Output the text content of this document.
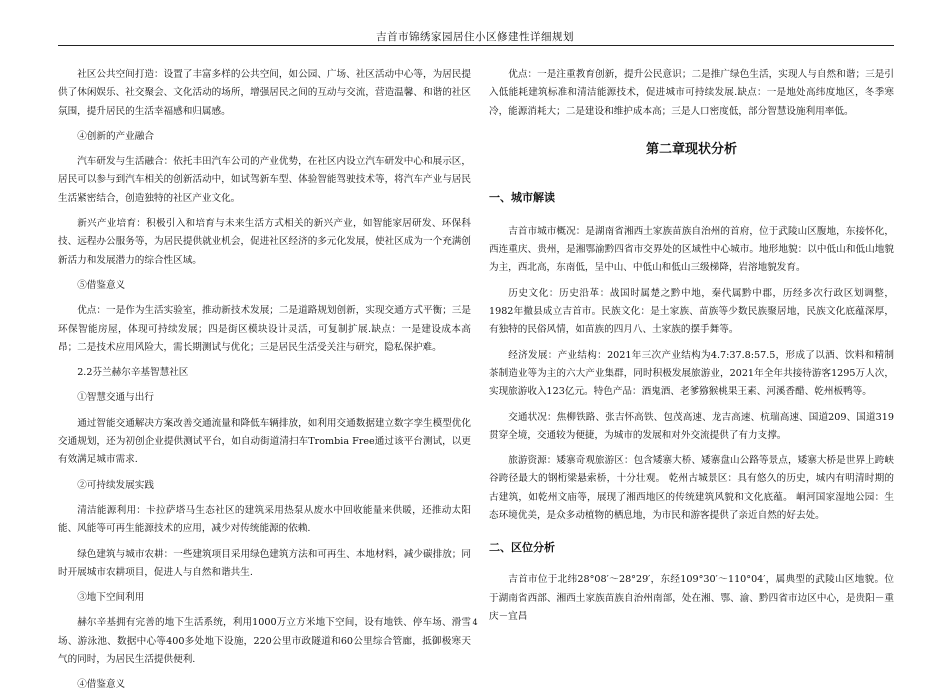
吉首市锦绣家园居住小区修建性详细规划

社区公共空间打造：设置了丰富多样的公共空间，如公园、广场、社区活动中心等，为居民提供了休闲娱乐、社交聚会、文化活动的场所，增强居民之间的互动与交流，营造温馨、和谐的社区氛围，提升居民的生活幸福感和归属感。

④创新的产业融合

汽车研发与生活融合：依托丰田汽车公司的产业优势，在社区内设立汽车研发中心和展示区，居民可以参与到汽车相关的创新活动中，如试驾新车型、体验智能驾驶技术等，将汽车产业与居民生活紧密结合，创造独特的社区产业文化。

新兴产业培育：积极引入和培育与未来生活方式相关的新兴产业，如智能家居研发、环保科技、远程办公服务等，为居民提供就业机会，促进社区经济的多元化发展，使社区成为一个充满创新活力和发展潜力的综合性区域。

⑤借鉴意义

优点：一是作为生活实验室，推动新技术发展；二是道路规划创新，实现交通方式平衡；三是环保智能房屋，体现可持续发展；四是街区模块设计灵活，可复制扩展.缺点：一是建设成本高昂；二是技术应用风险大，需长期测试与优化；三是居民生活受关注与研究，隐私保护难。

2.2芬兰赫尔辛基智慧社区

①智慧交通与出行

通过智能交通解决方案改善交通流量和降低车辆排放，如利用交通数据建立数字孪生模型优化交通规划，还为初创企业提供测试平台，如自动街道清扫车Trombia Free通过该平台测试，以更有效满足城市需求.

②可持续发展实践

清洁能源利用：卡拉萨塔马生态社区的建筑采用热泵从废水中回收能量来供暖，还推动太阳能、风能等可再生能源技术的应用，减少对传统能源的依赖.

绿色建筑与城市农耕：一些建筑项目采用绿色建筑方法和可再生、本地材料，减少碳排放；同时开展城市农耕项目，促进人与自然和谐共生.

③地下空间利用

赫尔辛基拥有完善的地下生活系统，利用1000万立方米地下空间，设有地铁、停车场、滑雪场、游泳池、数据中心等400多处地下设施，220公里市政隧道和60公里综合管廊，抵御极寒天气的同时，为居民生活提供便利.

④借鉴意义

优点：一是注重教育创新，提升公民意识；二是推广绿色生活，实现人与自然和谐；三是引入低能耗建筑标准和清洁能源技术，促进城市可持续发展.缺点：一是地处高纬度地区，冬季寒冷，能源消耗大；二是建设和维护成本高；三是人口密度低，部分智慧设施利用率低。

第二章现状分析

一、城市解读

吉首市城市概况：是湖南省湘西土家族苗族自治州的首府，位于武陵山区腹地，东接怀化，西连重庆、贵州，是湘鄂渝黔四省市交界处的区域性中心城市。地形地貌：以中低山和低山地貌为主，西北高，东南低，呈中山、中低山和低山三级梯降，岩溶地貌发育。

历史文化：历史沿革：战国时属楚之黔中地，秦代属黔中郡，历经多次行政区划调整，1982年撤县成立吉首市。民族文化：是土家族、苗族等少数民族聚居地，民族文化底蕴深厚，有独特的民俗风情，如苗族的四月八、土家族的摆手舞等。

经济发展：产业结构：2021年三次产业结构为4.7:37.8:57.5，形成了以酒、饮料和精制茶制造业等为主的六大产业集群，同时积极发展旅游业，2021年全年共接待游客1295万人次，实现旅游收入123亿元。特色产品：酒鬼酒、老爹猕猴桃果王素、河溪香醋、乾州板鸭等。

交通状况：焦柳铁路、张吉怀高铁、包茂高速、龙吉高速、杭瑞高速、国道209、国道319贯穿全境，交通较为便捷，为城市的发展和对外交流提供了有力支撑。

旅游资源：矮寨奇观旅游区：包含矮寨大桥、矮寨盘山公路等景点，矮寨大桥是世界上跨峡谷跨径最大的钢桁梁悬索桥，十分壮观。 乾州古城景区：具有悠久的历史，城内有明清时期的古建筑，如乾州文庙等，展现了湘西地区的传统建筑风貌和文化底蕴。 峒河国家湿地公园：生态环境优美，是众多动植物的栖息地，为市民和游客提供了亲近自然的好去处。

二、区位分析

吉首市位于北纬28°08′～28°29′，东经109°30′～110°04′，属典型的武陵山区地貌。位于湖南省西部、湘西土家族苗族自治州南部，处在湘、鄂、渝、黔四省市边区中心，是贵阳－重庆－宜昌

4
